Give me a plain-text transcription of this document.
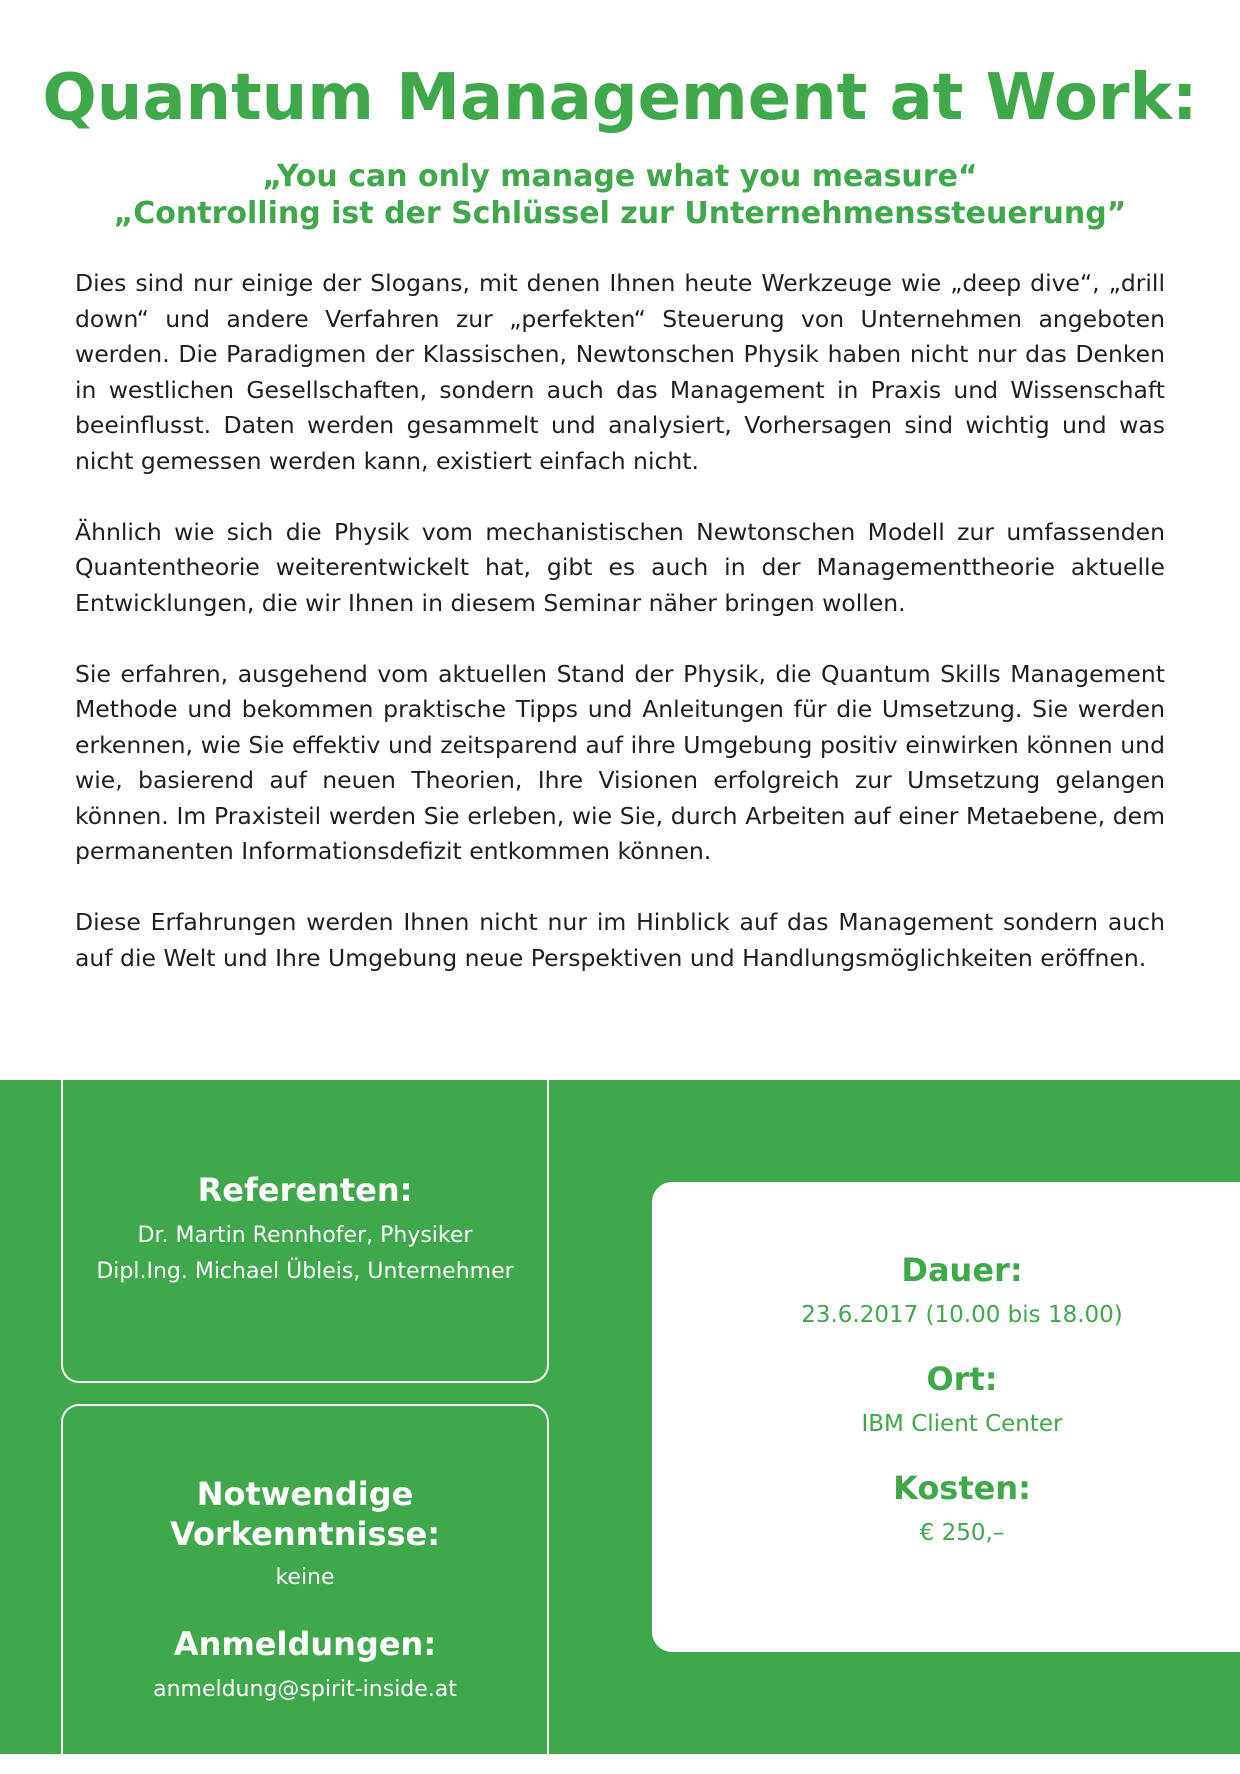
Quantum Management at Work:
„You can only manage what you measure“
„Controlling ist der Schlüssel zur Unternehmenssteuerung”

Dies sind nur einige der Slogans, mit denen Ihnen heute Werkzeuge wie „deep dive“, „drill down“ und andere Verfahren zur „perfekten“ Steuerung von Unternehmen angeboten werden. Die Paradigmen der Klassischen, Newtonschen Physik haben nicht nur das Denken in westlichen Gesellschaften, sondern auch das Management in Praxis und Wissenschaft beeinflusst. Daten werden gesammelt und analysiert, Vorhersagen sind wichtig und was nicht gemessen werden kann, existiert einfach nicht.

Ähnlich wie sich die Physik vom mechanistischen Newtonschen Modell zur umfassenden Quantentheorie weiterentwickelt hat, gibt es auch in der Managementtheorie aktuelle Entwicklungen, die wir Ihnen in diesem Seminar näher bringen wollen.

Sie erfahren, ausgehend vom aktuellen Stand der Physik, die Quantum Skills Management Methode und bekommen praktische Tipps und Anleitungen für die Umsetzung. Sie werden erkennen, wie Sie effektiv und zeitsparend auf ihre Umgebung positiv einwirken können und wie, basierend auf neuen Theorien, Ihre Visionen erfolgreich zur Umsetzung gelangen können. Im Praxisteil werden Sie erleben, wie Sie, durch Arbeiten auf einer Metaebene, dem permanenten Informationsdefizit entkommen können.

Diese Erfahrungen werden Ihnen nicht nur im Hinblick auf das Management sondern auch auf die Welt und Ihre Umgebung neue Perspektiven und Handlungsmöglichkeiten eröffnen.

Referenten:
Dr. Martin Rennhofer, Physiker
Dipl.Ing. Michael Übleis, Unternehmer
Notwendige Vorkenntnisse:
keine
Anmeldungen:
anmeldung@spirit-inside.at
Dauer:
23.6.2017 (10.00 bis 18.00)
Ort:
IBM Client Center
Kosten:
€ 250,–
